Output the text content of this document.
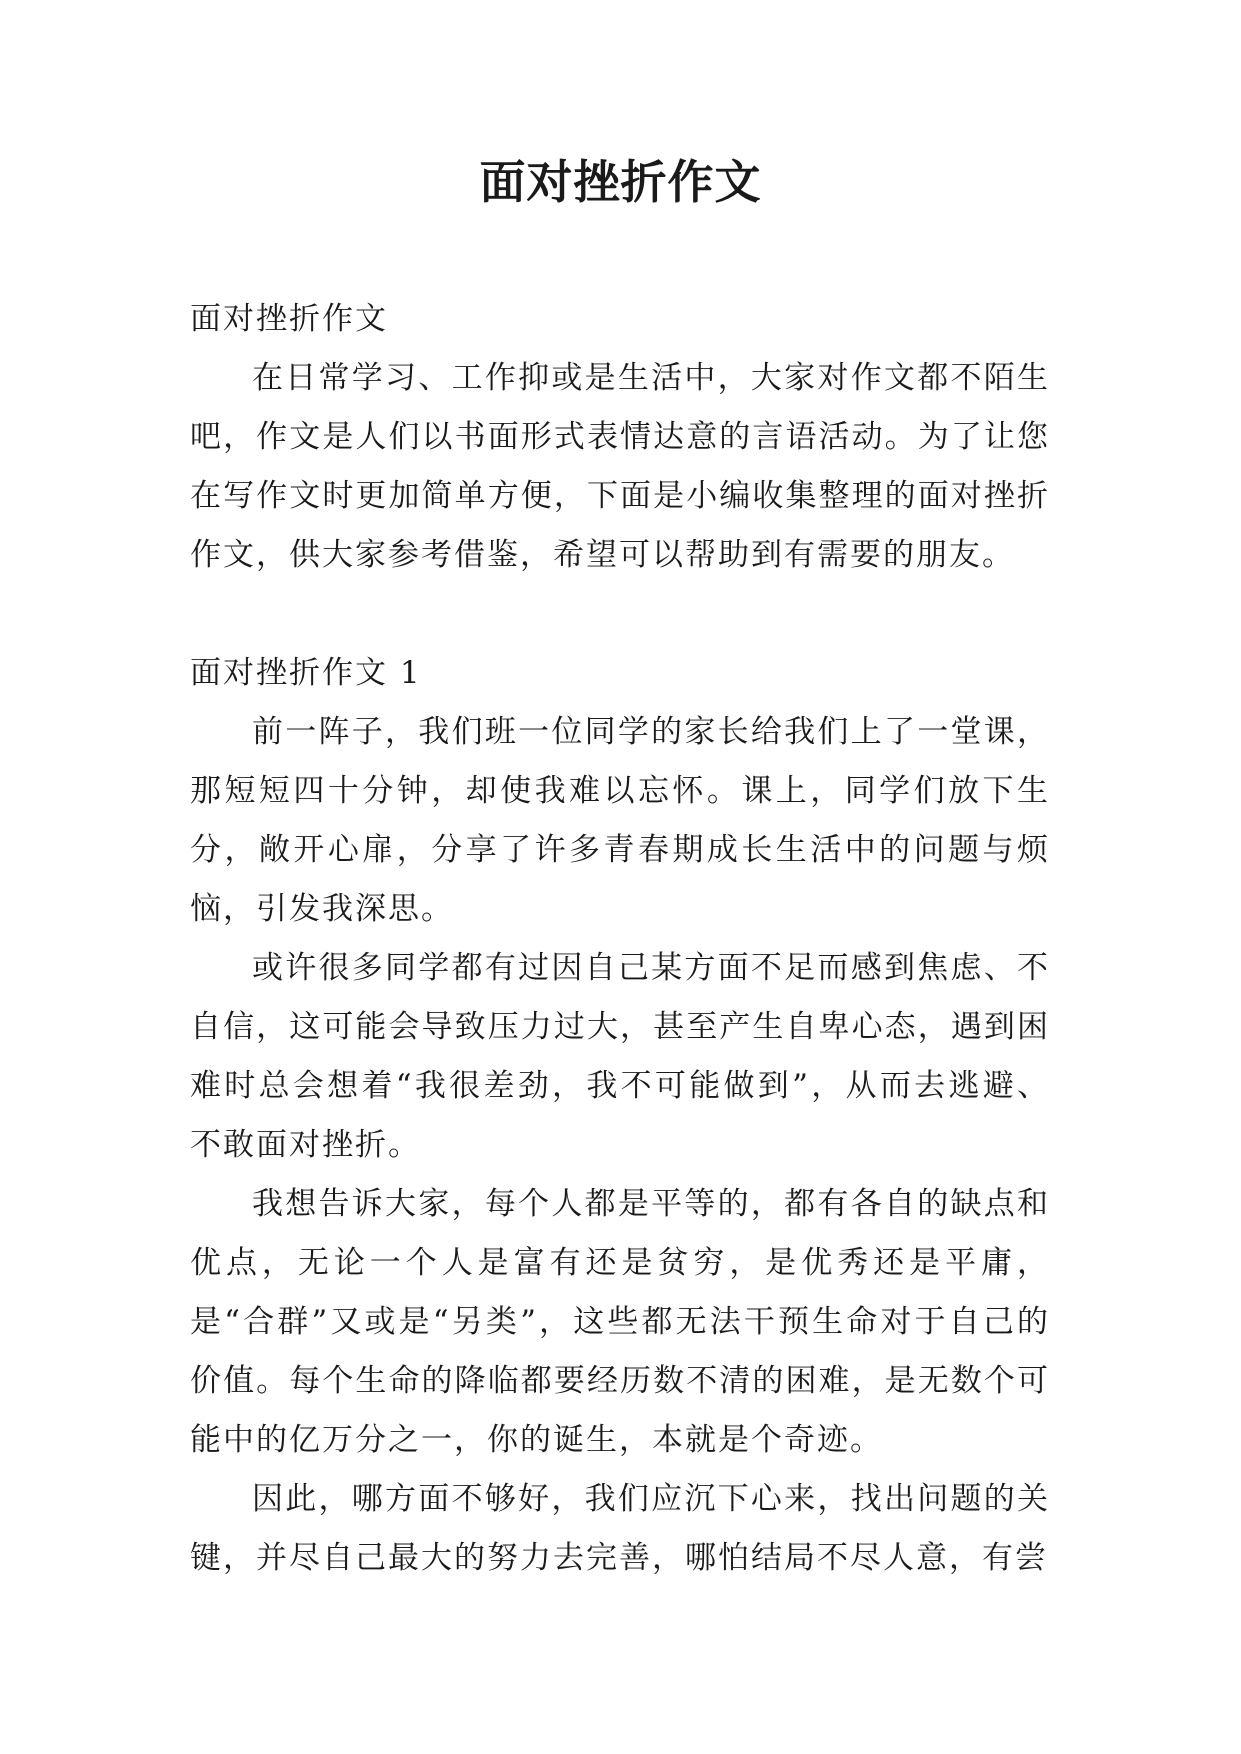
面对挫折作文

面对挫折作文

在日常学习、工作抑或是生活中，大家对作文都不陌生吧，作文是人们以书面形式表情达意的言语活动。为了让您在写作文时更加简单方便，下面是小编收集整理的面对挫折作文，供大家参考借鉴，希望可以帮助到有需要的朋友。

面对挫折作文 1

前一阵子，我们班一位同学的家长给我们上了一堂课，那短短四十分钟，却使我难以忘怀。课上，同学们放下生分，敞开心扉，分享了许多青春期成长生活中的问题与烦恼，引发我深思。

或许很多同学都有过因自己某方面不足而感到焦虑、不自信，这可能会导致压力过大，甚至产生自卑心态，遇到困难时总会想着“我很差劲，我不可能做到”，从而去逃避、不敢面对挫折。

我想告诉大家，每个人都是平等的，都有各自的缺点和优点，无论一个人是富有还是贫穷，是优秀还是平庸，是“合群”又或是“另类”，这些都无法干预生命对于自己的价值。每个生命的降临都要经历数不清的困难，是无数个可能中的亿万分之一，你的诞生，本就是个奇迹。

因此，哪方面不够好，我们应沉下心来，找出问题的关键，并尽自己最大的努力去完善，哪怕结局不尽人意，有尝
